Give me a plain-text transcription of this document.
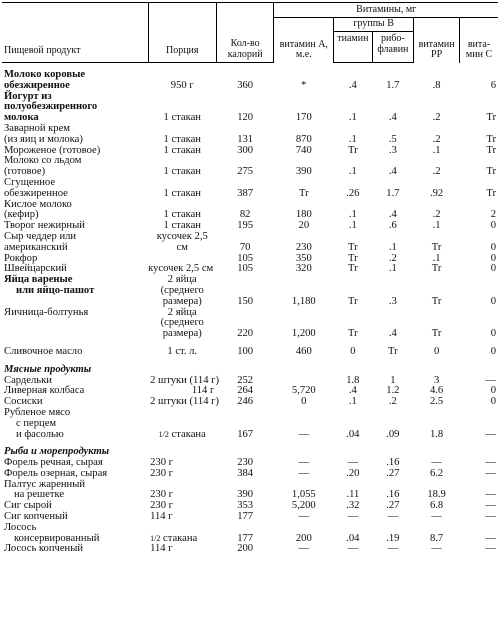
Пищевой продукт	Порция	Кол-во калорий	Витамины, мг				
			витамин А, м.е.	группы В		витамин РР	вита-мин С
				тиамин	рибо-флавин		

Молоко коровые
обезжиренное	950 г	360	*	.4	1.7	.8	6

Йогурт из
полуобезжиренного
молока	1 стакан	120	170	.1	.4	.2	Tr

Заварной крем
(из яиц и молока)	1 стакан	131	870	.1	.5	.2	Tr

Мороженое (готовое)	1 стакан	300	740	Tr	.3	.1	Tr

Молоко со льдом
(готовое)	1 стакан	275	390	.1	.4	.2	Tr

Сгущенное
обезжиренное	1 стакан	387	Tr	.26	1.7	.92	Tr

Кислое молоко
(кефир)	1 стакан	82	180	.1	.4	.2	2

Творог нежирный	1 стакан	195	20	.1	.6	.1	0

Сыр чеддер или
американский	кусочек 2,5 см	70	230	Tr	.1	Tr	0

Рокфор		105	350	Tr	.2	.1	0

Швейцарский	кусочек 2,5 см	105	320	Tr	.1	Tr	0

Яйца вареные
или яйцо-пашот	2 яйца (среднего размера)	150	1,180	Tr	.3	Tr	0

Яичница-болтунья	2 яйца (среднего размера)	220	1,200	Tr	.4	Tr	0

Сливочное масло	1 ст. л.	100	460	0	Tr	0	0

Мясные продукты							
Сардельки	2 штуки (114 г)	252		1.8	1	3	—
Ливерная колбаса	114 г	264	5,720	.4	1.2	4.6	0
Сосиски	2 штуки (114 г)	246	0	.1	.2	2.5	0

Рубленое мясо
с перцем
и фасолью	1/2 стакана	167	—	.04	.09	1.8	—

Рыба и морепродукты							
Форель речная, сырая	230 г	230	—	—	.16	—	—
Форель озерная, сырая	230 г	384	—	.20	.27	6.2	—
Палтус жаренный							
на решетке	230 г	390	1,055	.11	.16	18.9	—
Сиг сырой	230 г	353	5,200	.32	.27	6.8	—
Сиг копченый	114 г	177	—	—	—	—	—
Лосось							
консервированный	1/2 стакана	177	200	.04	.19	8.7	—
Лосось копченый	114 г	200	—	—	—	—	—
